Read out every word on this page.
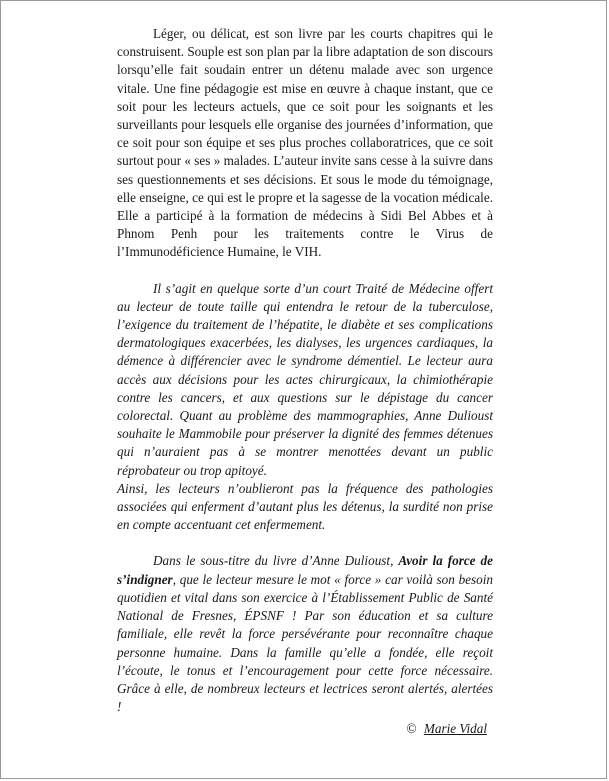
Léger, ou délicat, est son livre par les courts chapitres qui le construisent. Souple est son plan par la libre adaptation de son discours lorsqu’elle fait soudain entrer un détenu malade avec son urgence vitale. Une fine pédagogie est mise en œuvre à chaque instant, que ce soit pour les lecteurs actuels, que ce soit pour les soignants et les surveillants pour lesquels elle organise des journées d’information, que ce soit pour son équipe et ses plus proches collaboratrices, que ce soit surtout pour « ses » malades. L’auteur invite sans cesse à la suivre dans ses questionnements et ses décisions. Et sous le mode du témoignage, elle enseigne, ce qui est le propre et la sagesse de la vocation médicale. Elle a participé à la formation de médecins à Sidi Bel Abbes et à Phnom Penh pour les traitements contre le Virus de l’Immunodéficience Humaine, le VIH.

Il s’agit en quelque sorte d’un court Traité de Médecine offert au lecteur de toute taille qui entendra le retour de la tuberculose, l’exigence du traitement de l’hépatite, le diabète et ses complications dermatologiques exacerbées, les dialyses, les urgences cardiaques, la démence à différencier avec le syndrome démentiel. Le lecteur aura accès aux décisions pour les actes chirurgicaux, la chimiothérapie contre les cancers, et aux questions sur le dépistage du cancer colorectal. Quant au problème des mammographies, Anne Dulioust souhaite le Mammobile pour préserver la dignité des femmes détenues qui n’auraient pas à se montrer menottées devant un public réprobateur ou trop apitoyé.

Ainsi, les lecteurs n’oublieront pas la fréquence des pathologies associées qui enferment d’autant plus les détenus, la surdité non prise en compte accentuant cet enfermement.

Dans le sous-titre du livre d’Anne Dulioust, Avoir la force de s’indigner, que le lecteur mesure le mot « force » car voilà son besoin quotidien et vital dans son exercice à l’Établissement Public de Santé National de Fresnes, ÉPSNF ! Par son éducation et sa culture familiale, elle revêt la force persévérante pour reconnaître chaque personne humaine. Dans la famille qu’elle a fondée, elle reçoit l’écoute, le tonus et l’encouragement pour cette force nécessaire. Grâce à elle, de nombreux lecteurs et lectrices seront alertés, alertées !

© Marie Vidal
